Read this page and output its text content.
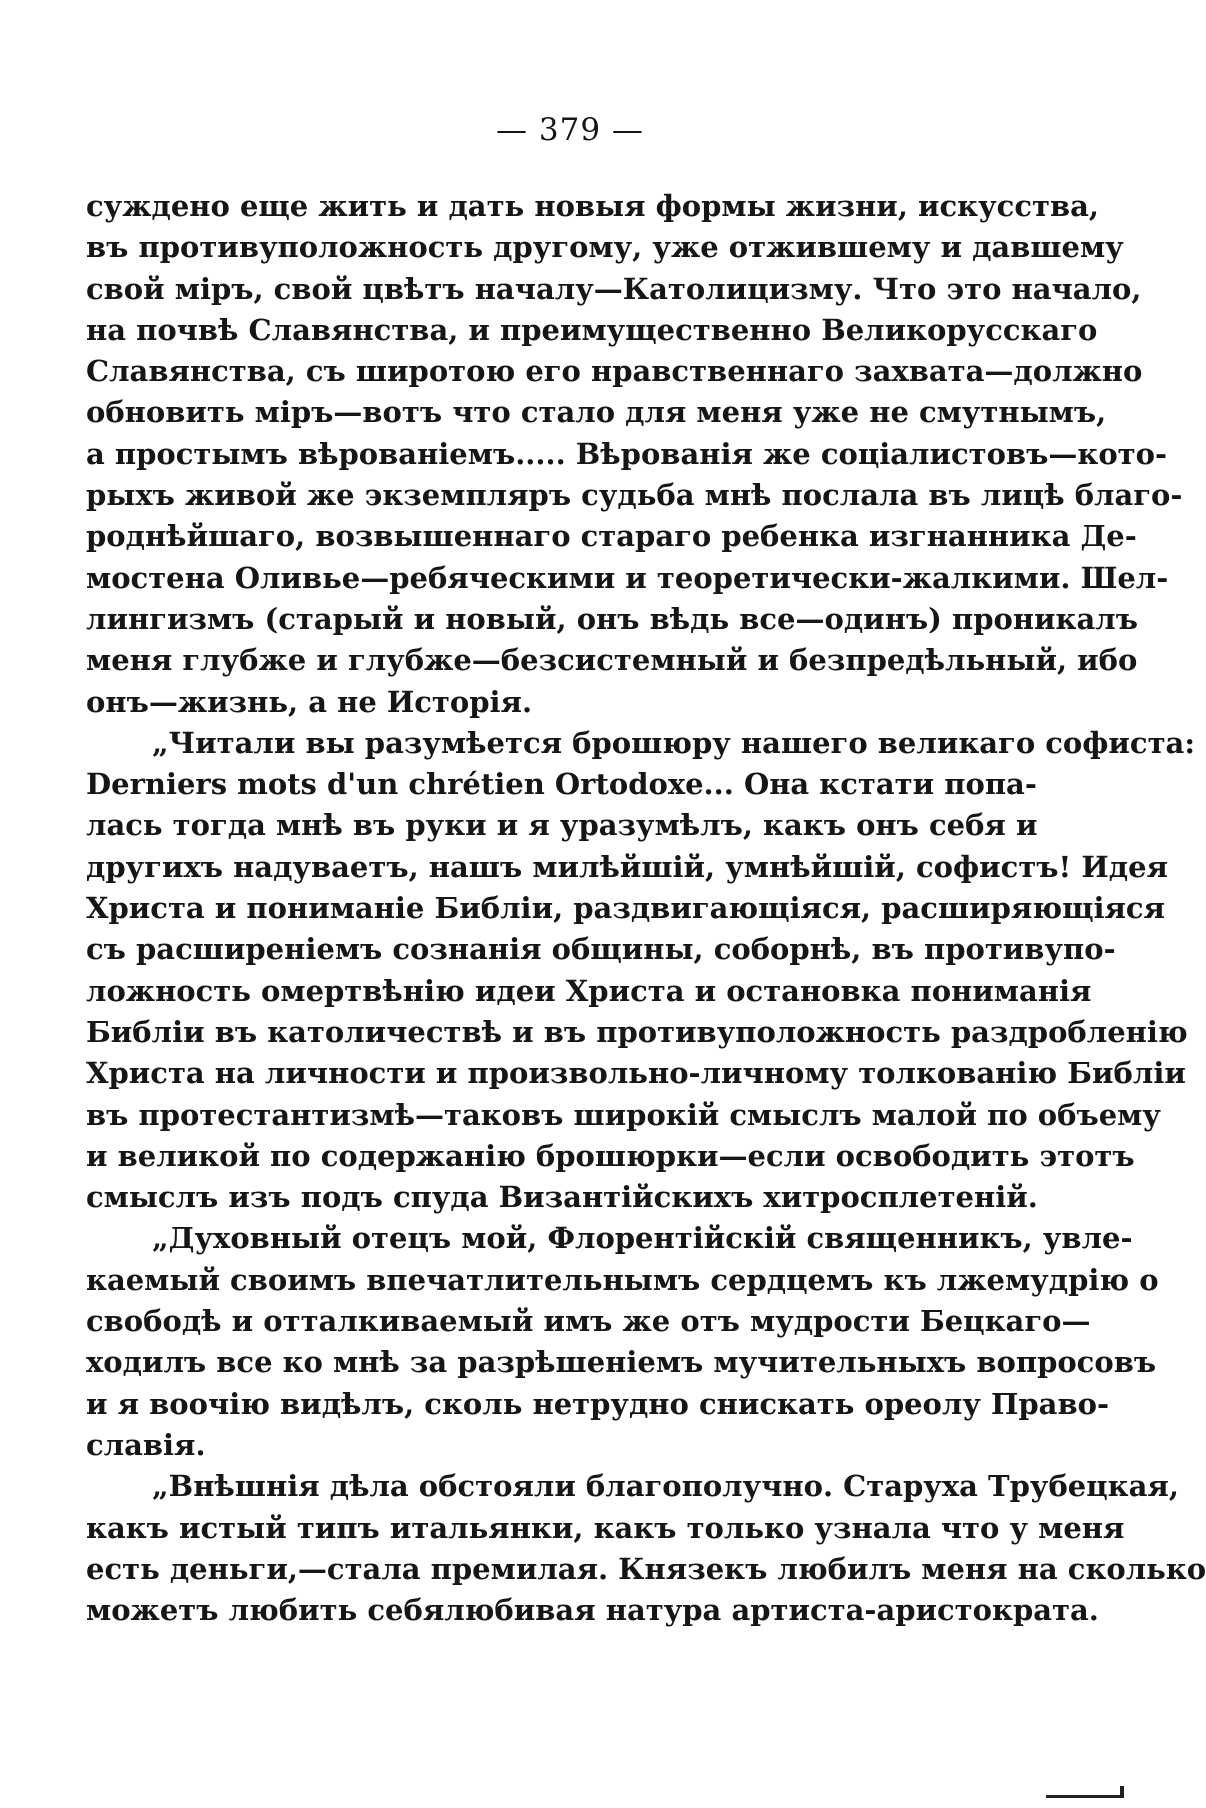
— 379 —
суждено еще жить и дать новыя формы жизни, искусства,
въ противуположность другому, уже отжившему и давшему
свой міръ, свой цвѣтъ началу—Католицизму. Что это начало,
на почвѣ Славянства, и преимущественно Великорусскаго
Славянства, съ широтою его нравственнаго захвата—должно
обновить міръ—вотъ что стало для меня уже не смутнымъ,
а простымъ вѣрованіемъ..... Вѣрованія же соціалистовъ—кото-
рыхъ живой же экземпляръ судьба мнѣ послала въ лицѣ благо-
роднѣйшаго, возвышеннаго стараго ребенка изгнанника Де-
мостена Оливье—ребяческими и теоретически-жалкими. Шел-
лингизмъ (старый и новый, онъ вѣдь все—одинъ) проникалъ
меня глубже и глубже—безсистемный и безпредѣльный, ибо
онъ—жизнь, а не Исторія.
„Читали вы разумѣется брошюру нашего великаго софиста:
Derniers mots d'un chrétien Ortodoxe... Она кстати попа-
лась тогда мнѣ въ руки и я уразумѣлъ, какъ онъ себя и
другихъ надуваетъ, нашъ милѣйшій, умнѣйшій, софистъ! Идея
Христа и пониманіе Библіи, раздвигающіяся, расширяющіяся
съ расширеніемъ сознанія общины, соборнѣ, въ противупо-
ложность омертвѣнію идеи Христа и остановка пониманія
Библіи въ католичествѣ и въ противуположность раздробленію
Христа на личности и произвольно-личному толкованію Библіи
въ протестантизмѣ—таковъ широкій смыслъ малой по объему
и великой по содержанію брошюрки—если освободить этотъ
смыслъ изъ подъ спуда Византійскихъ хитросплетеній.
„Духовный отецъ мой, Флорентійскій священникъ, увле-
каемый своимъ впечатлительнымъ сердцемъ къ лжемудрію о
свободѣ и отталкиваемый имъ же отъ мудрости Бецкаго—
ходилъ все ко мнѣ за разрѣшеніемъ мучительныхъ вопросовъ
и я воочію видѣлъ, сколь нетрудно снискать ореолу Право-
славія.
„Внѣшнія дѣла обстояли благополучно. Старуха Трубецкая,
какъ истый типъ итальянки, какъ только узнала что у меня
есть деньги,—стала премилая. Князекъ любилъ меня на сколько
можетъ любить себялюбивая натура артиста-аристократа.
